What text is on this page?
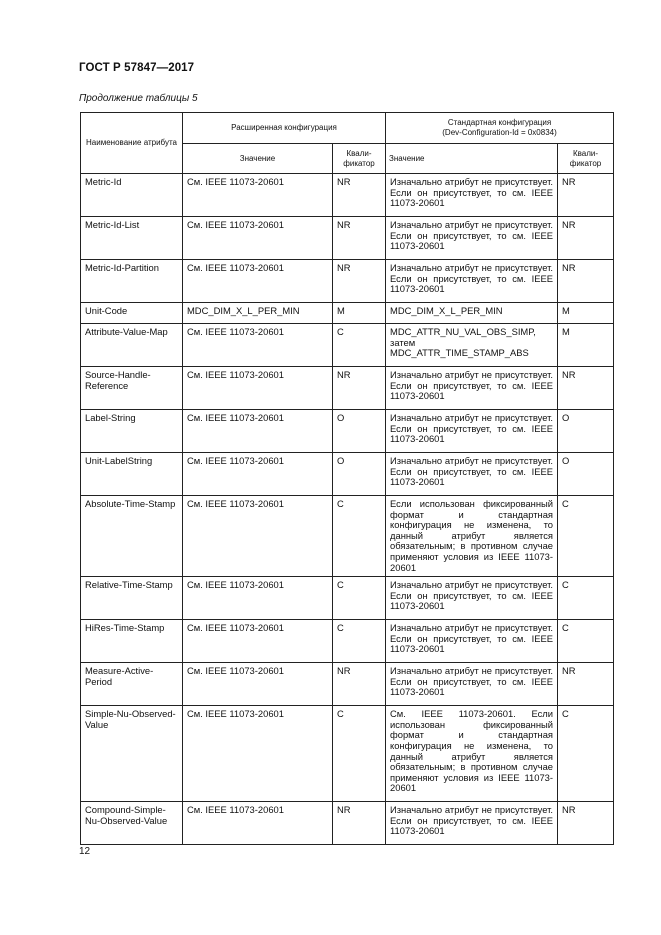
ГОСТ Р 57847—2017
Продолжение таблицы 5
Наименование атрибута	Расширенная конфигурация		Стандартная конфигурация
(Dev-Configuration-Id = 0x0834)	
	Значение	Квали-фикатор	Значение	Квали-фикатор
Metric-Id	См. IEEE 11073-20601	NR	Изначально атрибут не присутствует. Если он присутствует, то см. IEEE 11073-20601	NR
Metric-Id-List	См. IEEE 11073-20601	NR	Изначально атрибут не присутствует. Если он присутствует, то см. IEEE 11073-20601	NR
Metric-Id-Partition	См. IEEE 11073-20601	NR	Изначально атрибут не присутствует. Если он присутствует, то см. IEEE 11073-20601	NR
Unit-Code	MDC_DIM_X_L_PER_MIN	M	MDC_DIM_X_L_PER_MIN	M
Attribute-Value-Map	См. IEEE 11073-20601	C	MDC_ATTR_NU_VAL_OBS_SIMP, затем MDC_ATTR_TIME_STAMP_ABS	M
Source-Handle-Reference	См. IEEE 11073-20601	NR	Изначально атрибут не присутствует. Если он присутствует, то см. IEEE 11073-20601	NR
Label-String	См. IEEE 11073-20601	O	Изначально атрибут не присутствует. Если он присутствует, то см. IEEE 11073-20601	O
Unit-LabelString	См. IEEE 11073-20601	O	Изначально атрибут не присутствует. Если он присутствует, то см. IEEE 11073-20601	O
Absolute-Time-Stamp	См. IEEE 11073-20601	C	Если использован фиксированный формат и стандартная конфигурация не изменена, то данный атрибут является обязательным; в противном случае применяют условия из IEEE 11073-20601	C
Relative-Time-Stamp	См. IEEE 11073-20601	C	Изначально атрибут не присутствует. Если он присутствует, то см. IEEE 11073-20601	C
HiRes-Time-Stamp	См. IEEE 11073-20601	C	Изначально атрибут не присутствует. Если он присутствует, то см. IEEE 11073-20601	C
Measure-Active-Period	См. IEEE 11073-20601	NR	Изначально атрибут не присутствует. Если он присутствует, то см. IEEE 11073-20601	NR
Simple-Nu-Observed-Value	См. IEEE 11073-20601	C	См. IEEE 11073-20601. Если использован фиксированный формат и стандартная конфигурация не изменена, то данный атрибут является обязательным; в противном случае применяют условия из IEEE 11073-20601	C
Compound-Simple-Nu-Observed-Value	См. IEEE 11073-20601	NR	Изначально атрибут не присутствует. Если он присутствует, то см. IEEE 11073-20601	NR
12
